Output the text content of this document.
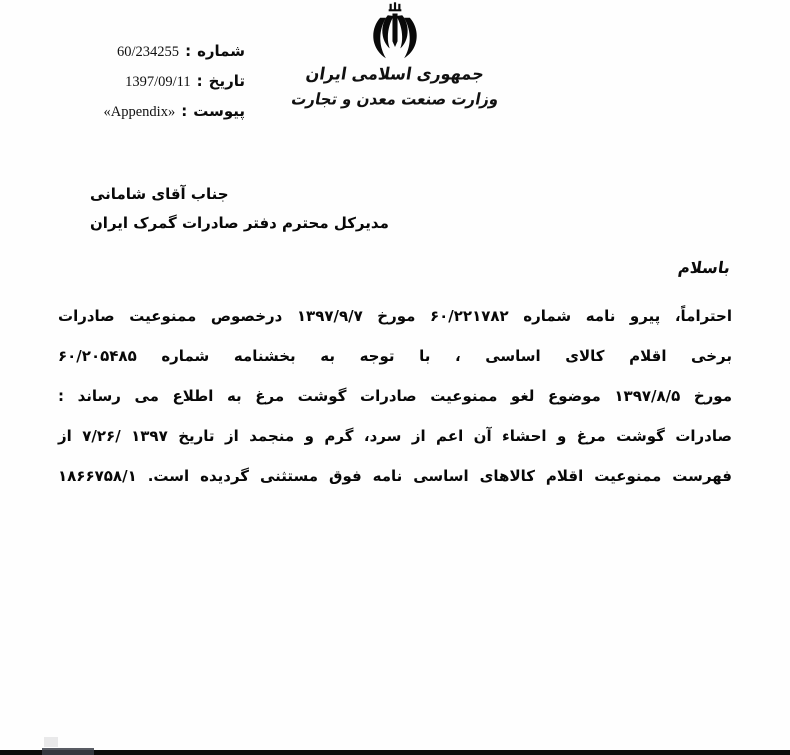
شماره
:
60/234255
تاریخ
:
1397/09/11
پیوست
:
«Appendix»
جمهوری اسلامی ایران
وزارت صنعت معدن و تجارت
جناب آقای شامانی
مدیرکل محترم دفتر صادرات گمرک ایران
باسلام
احتراماً، پیرو نامه شماره ۶۰/۲۲۱۷۸۲ مورخ ۱۳۹۷/۹/۷ درخصوص ممنوعیت صادرات
برخی اقلام کالای اساسی ، با توجه به بخشنامه شماره ۶۰/۲۰۵۴۸۵
مورخ ۱۳۹۷/۸/۵ موضوع لغو ممنوعیت صادرات گوشت مرغ به اطلاع می رساند :
صادرات گوشت مرغ و احشاء آن اعم از سرد، گرم و منجمد از تاریخ ۱۳۹۷ /۷/۲۶ از
فهرست ممنوعیت اقلام کالاهای اساسی نامه فوق مستثنی گردیده است. ۱۸۶۶۷۵۸/۱
